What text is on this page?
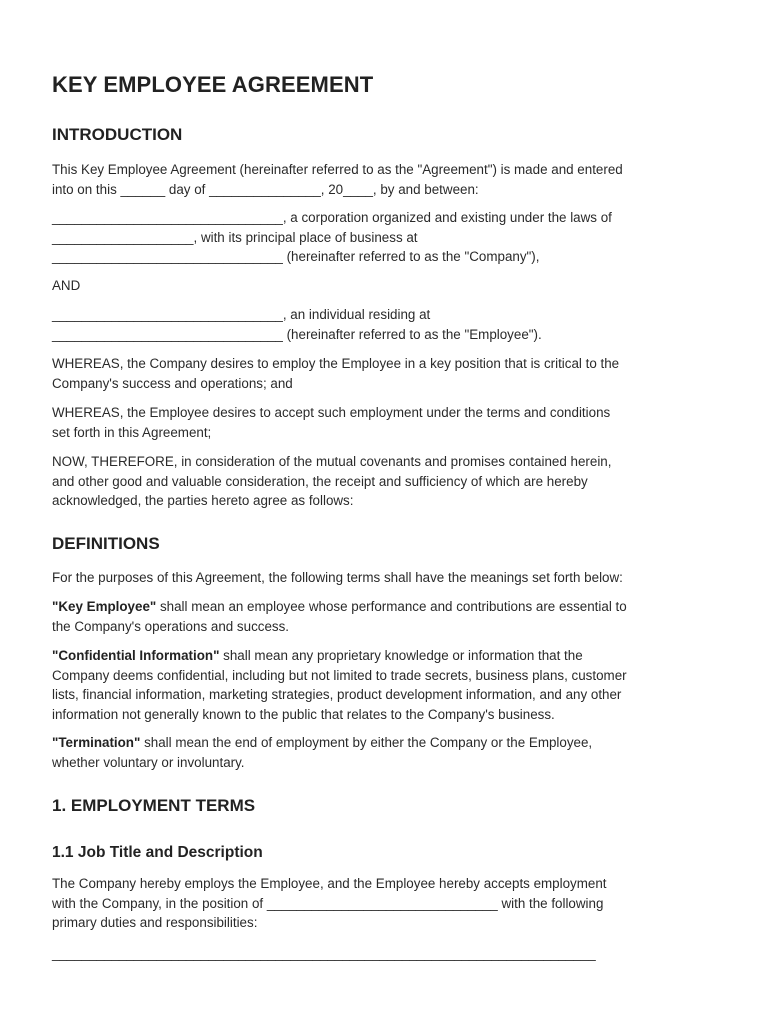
KEY EMPLOYEE AGREEMENT
INTRODUCTION
This Key Employee Agreement (hereinafter referred to as the "Agreement") is made and entered
into on this ______ day of _______________, 20____, by and between:
_______________________________, a corporation organized and existing under the laws of
___________________, with its principal place of business at
_______________________________ (hereinafter referred to as the "Company"),
AND
_______________________________, an individual residing at
_______________________________ (hereinafter referred to as the "Employee").
WHEREAS, the Company desires to employ the Employee in a key position that is critical to the
Company's success and operations; and
WHEREAS, the Employee desires to accept such employment under the terms and conditions
set forth in this Agreement;
NOW, THEREFORE, in consideration of the mutual covenants and promises contained herein,
and other good and valuable consideration, the receipt and sufficiency of which are hereby
acknowledged, the parties hereto agree as follows:
DEFINITIONS
For the purposes of this Agreement, the following terms shall have the meanings set forth below:
"Key Employee" shall mean an employee whose performance and contributions are essential to
the Company's operations and success.
"Confidential Information" shall mean any proprietary knowledge or information that the
Company deems confidential, including but not limited to trade secrets, business plans, customer
lists, financial information, marketing strategies, product development information, and any other
information not generally known to the public that relates to the Company's business.
"Termination" shall mean the end of employment by either the Company or the Employee,
whether voluntary or involuntary.
1. EMPLOYMENT TERMS
1.1 Job Title and Description
The Company hereby employs the Employee, and the Employee hereby accepts employment
with the Company, in the position of _______________________________ with the following
primary duties and responsibilities:
_________________________________________________________________________
